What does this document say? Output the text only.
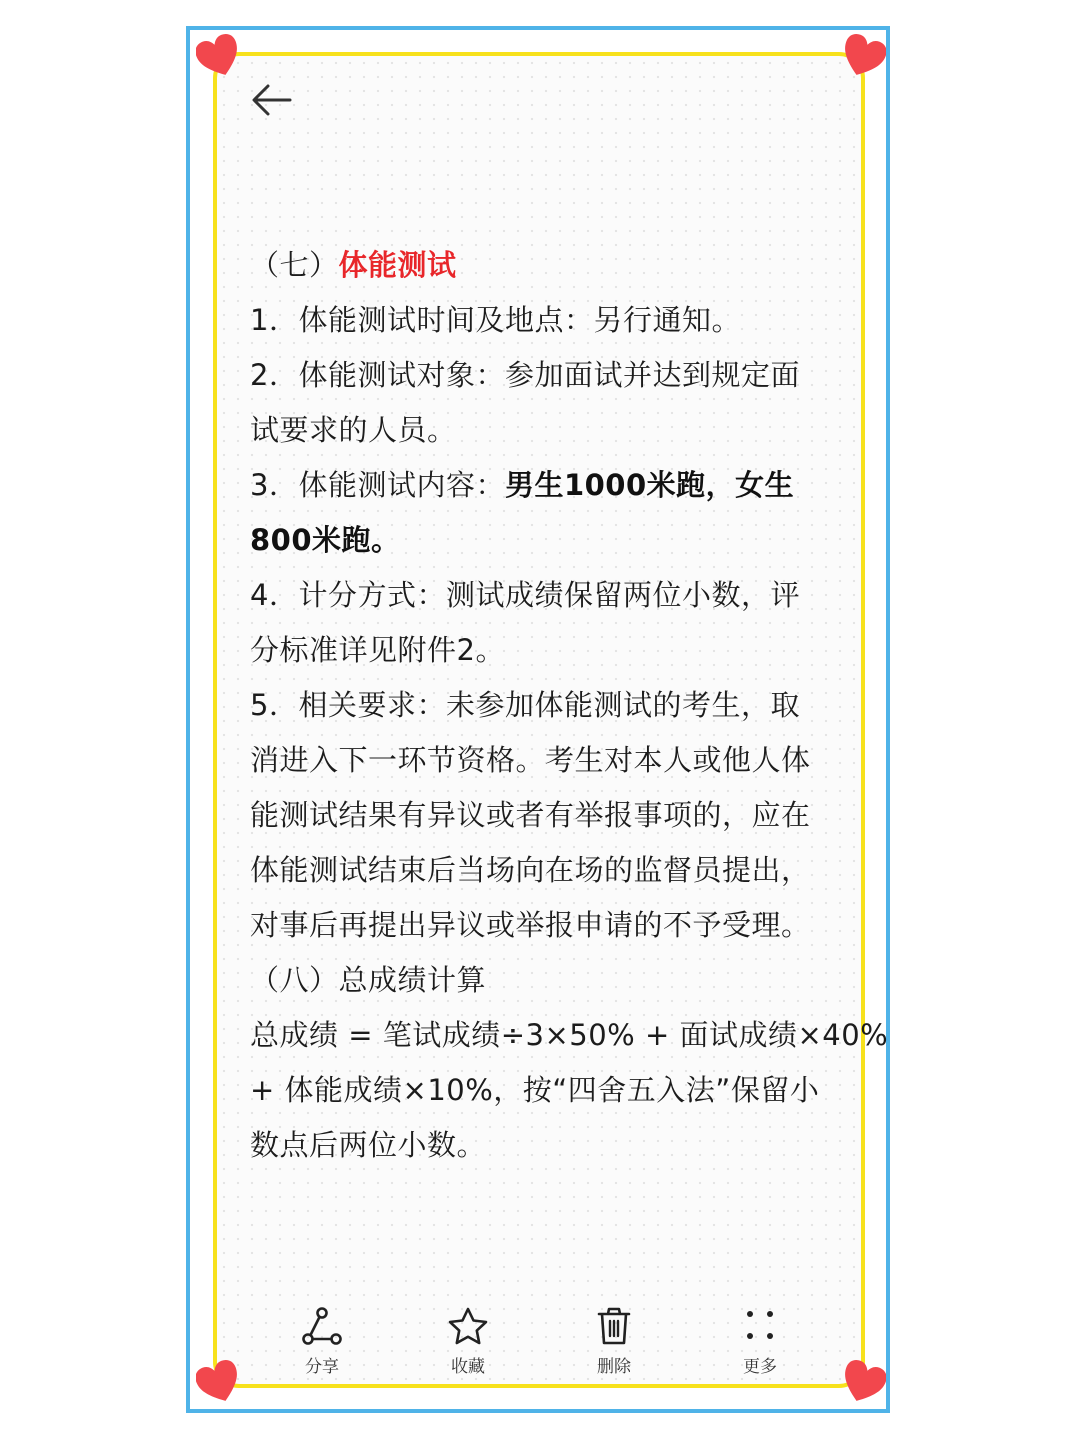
（七）体能测试
1．体能测试时间及地点：另行通知。
2．体能测试对象：参加面试并达到规定面
试要求的人员。
3．体能测试内容：男生1000米跑，女生
800米跑。
4．计分方式：测试成绩保留两位小数，评
分标准详见附件2。
5．相关要求：未参加体能测试的考生，取
消进入下一环节资格。考生对本人或他人体
能测试结果有异议或者有举报事项的，应在
体能测试结束后当场向在场的监督员提出，
对事后再提出异议或举报申请的不予受理。
（八）总成绩计算
总成绩 = 笔试成绩÷3×50% + 面试成绩×40%
+ 体能成绩×10%，按“四舍五入法”保留小
数点后两位小数。
分享	收藏	删除	更多
